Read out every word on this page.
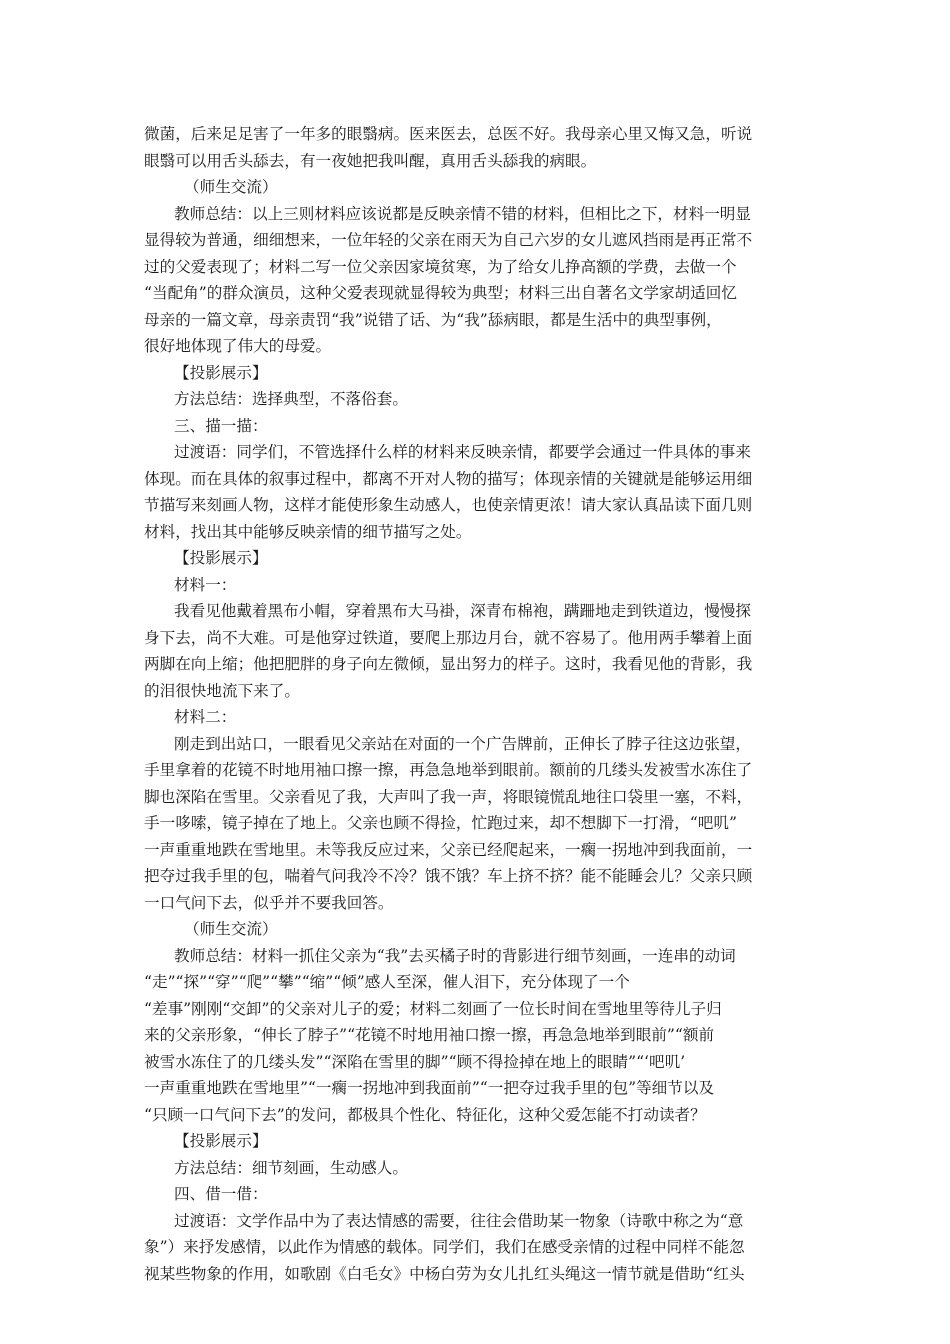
微菌，后来足足害了一年多的眼翳病。医来医去，总医不好。我母亲心里又悔又急，听说
眼翳可以用舌头舔去，有一夜她把我叫醒，真用舌头舔我的病眼。
（师生交流）
教师总结：以上三则材料应该说都是反映亲情不错的材料，但相比之下，材料一明显
显得较为普通，细细想来，一位年轻的父亲在雨天为自己六岁的女儿遮风挡雨是再正常不
过的父爱表现了；材料二写一位父亲因家境贫寒，为了给女儿挣高额的学费，去做一个
“当配角”的群众演员，这种父爱表现就显得较为典型；材料三出自著名文学家胡适回忆
母亲的一篇文章，母亲责罚“我”说错了话、为“我”舔病眼，都是生活中的典型事例，
很好地体现了伟大的母爱。
【投影展示】
方法总结：选择典型，不落俗套。
三、描一描：
过渡语：同学们，不管选择什么样的材料来反映亲情，都要学会通过一件具体的事来
体现。而在具体的叙事过程中，都离不开对人物的描写；体现亲情的关键就是能够运用细
节描写来刻画人物，这样才能使形象生动感人，也使亲情更浓！请大家认真品读下面几则
材料，找出其中能够反映亲情的细节描写之处。
【投影展示】
材料一：
我看见他戴着黑布小帽，穿着黑布大马褂，深青布棉袍，蹒跚地走到铁道边，慢慢探
身下去，尚不大难。可是他穿过铁道，要爬上那边月台，就不容易了。他用两手攀着上面
两脚在向上缩；他把肥胖的身子向左微倾，显出努力的样子。这时，我看见他的背影，我
的泪很快地流下来了。
材料二：
刚走到出站口，一眼看见父亲站在对面的一个广告牌前，正伸长了脖子往这边张望，
手里拿着的花镜不时地用袖口擦一擦，再急急地举到眼前。额前的几缕头发被雪水冻住了
脚也深陷在雪里。父亲看见了我，大声叫了我一声，将眼镜慌乱地往口袋里一塞，不料，
手一哆嗦，镜子掉在了地上。父亲也顾不得捡，忙跑过来，却不想脚下一打滑，“吧叽”
一声重重地跌在雪地里。未等我反应过来，父亲已经爬起来，一瘸一拐地冲到我面前，一
把夺过我手里的包，喘着气问我冷不冷？饿不饿？车上挤不挤？能不能睡会儿？父亲只顾
一口气问下去，似乎并不要我回答。
（师生交流）
教师总结：材料一抓住父亲为“我”去买橘子时的背影进行细节刻画，一连串的动词
“走”“探”“穿”“爬”“攀”“缩”“倾”感人至深，催人泪下，充分体现了一个
“差事”刚刚“交卸”的父亲对儿子的爱；材料二刻画了一位长时间在雪地里等待儿子归
来的父亲形象，“伸长了脖子”“花镜不时地用袖口擦一擦，再急急地举到眼前”“额前
被雪水冻住了的几缕头发”“深陷在雪里的脚”“顾不得捡掉在地上的眼睛”“‘吧叽’
一声重重地跌在雪地里”“一瘸一拐地冲到我面前”“一把夺过我手里的包”等细节以及
“只顾一口气问下去”的发问，都极具个性化、特征化，这种父爱怎能不打动读者？
【投影展示】
方法总结：细节刻画，生动感人。
四、借一借：
过渡语：文学作品中为了表达情感的需要，往往会借助某一物象（诗歌中称之为“意
象”）来抒发感情，以此作为情感的载体。同学们，我们在感受亲情的过程中同样不能忽
视某些物象的作用，如歌剧《白毛女》中杨白劳为女儿扎红头绳这一情节就是借助“红头
